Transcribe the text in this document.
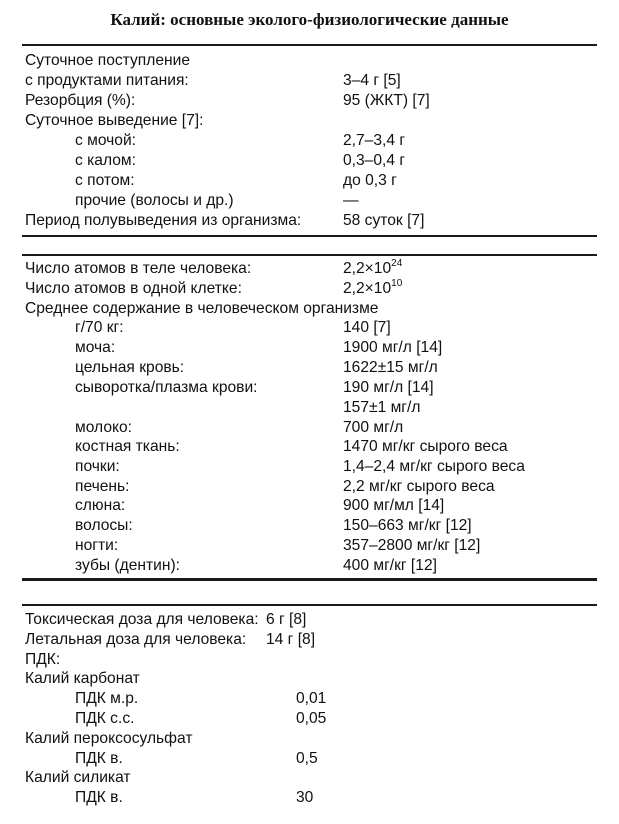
Калий: основные эколого-физиологические данные
Суточное поступление
с продуктами питания:	3–4 г [5]
Резорбция (%):	95 (ЖКТ) [7]
Суточное выведение [7]:
с мочой:	2,7–3,4 г
с калом:	0,3–0,4 г
с потом:	до 0,3 г
прочие (волосы и др.)	—
Период полувыведения из организма:	58 суток [7]
Число атомов в теле человека:	$2,2\times 10^{24}$
Число атомов в одной клетке:	$2,2\times 10^{10}$
Среднее содержание в человеческом организме
г/70 кг:	140 [7]
моча:	1900 мг/л [14]
цельная кровь:	1622±15 мг/л
сыворотка/плазма крови:	190 мг/л [14]
157±1 мг/л
молоко:	700 мг/л
костная ткань:	1470 мг/кг сырого веса
почки:	1,4–2,4 мг/кг сырого веса
печень:	2,2 мг/кг сырого веса
слюна:	900 мг/мл [14]
волосы:	150–663 мг/кг [12]
ногти:	357–2800 мг/кг [12]
зубы (дентин):	400 мг/кг [12]
Токсическая доза для человека: 6 г [8]
Летальная доза для человека: 14 г [8]
ПДК:
Калий карбонат
ПДК м.р.	0,01
ПДК с.с.	0,05
Калий пероксосульфат
ПДК в.	0,5
Калий силикат
ПДК в.	30
